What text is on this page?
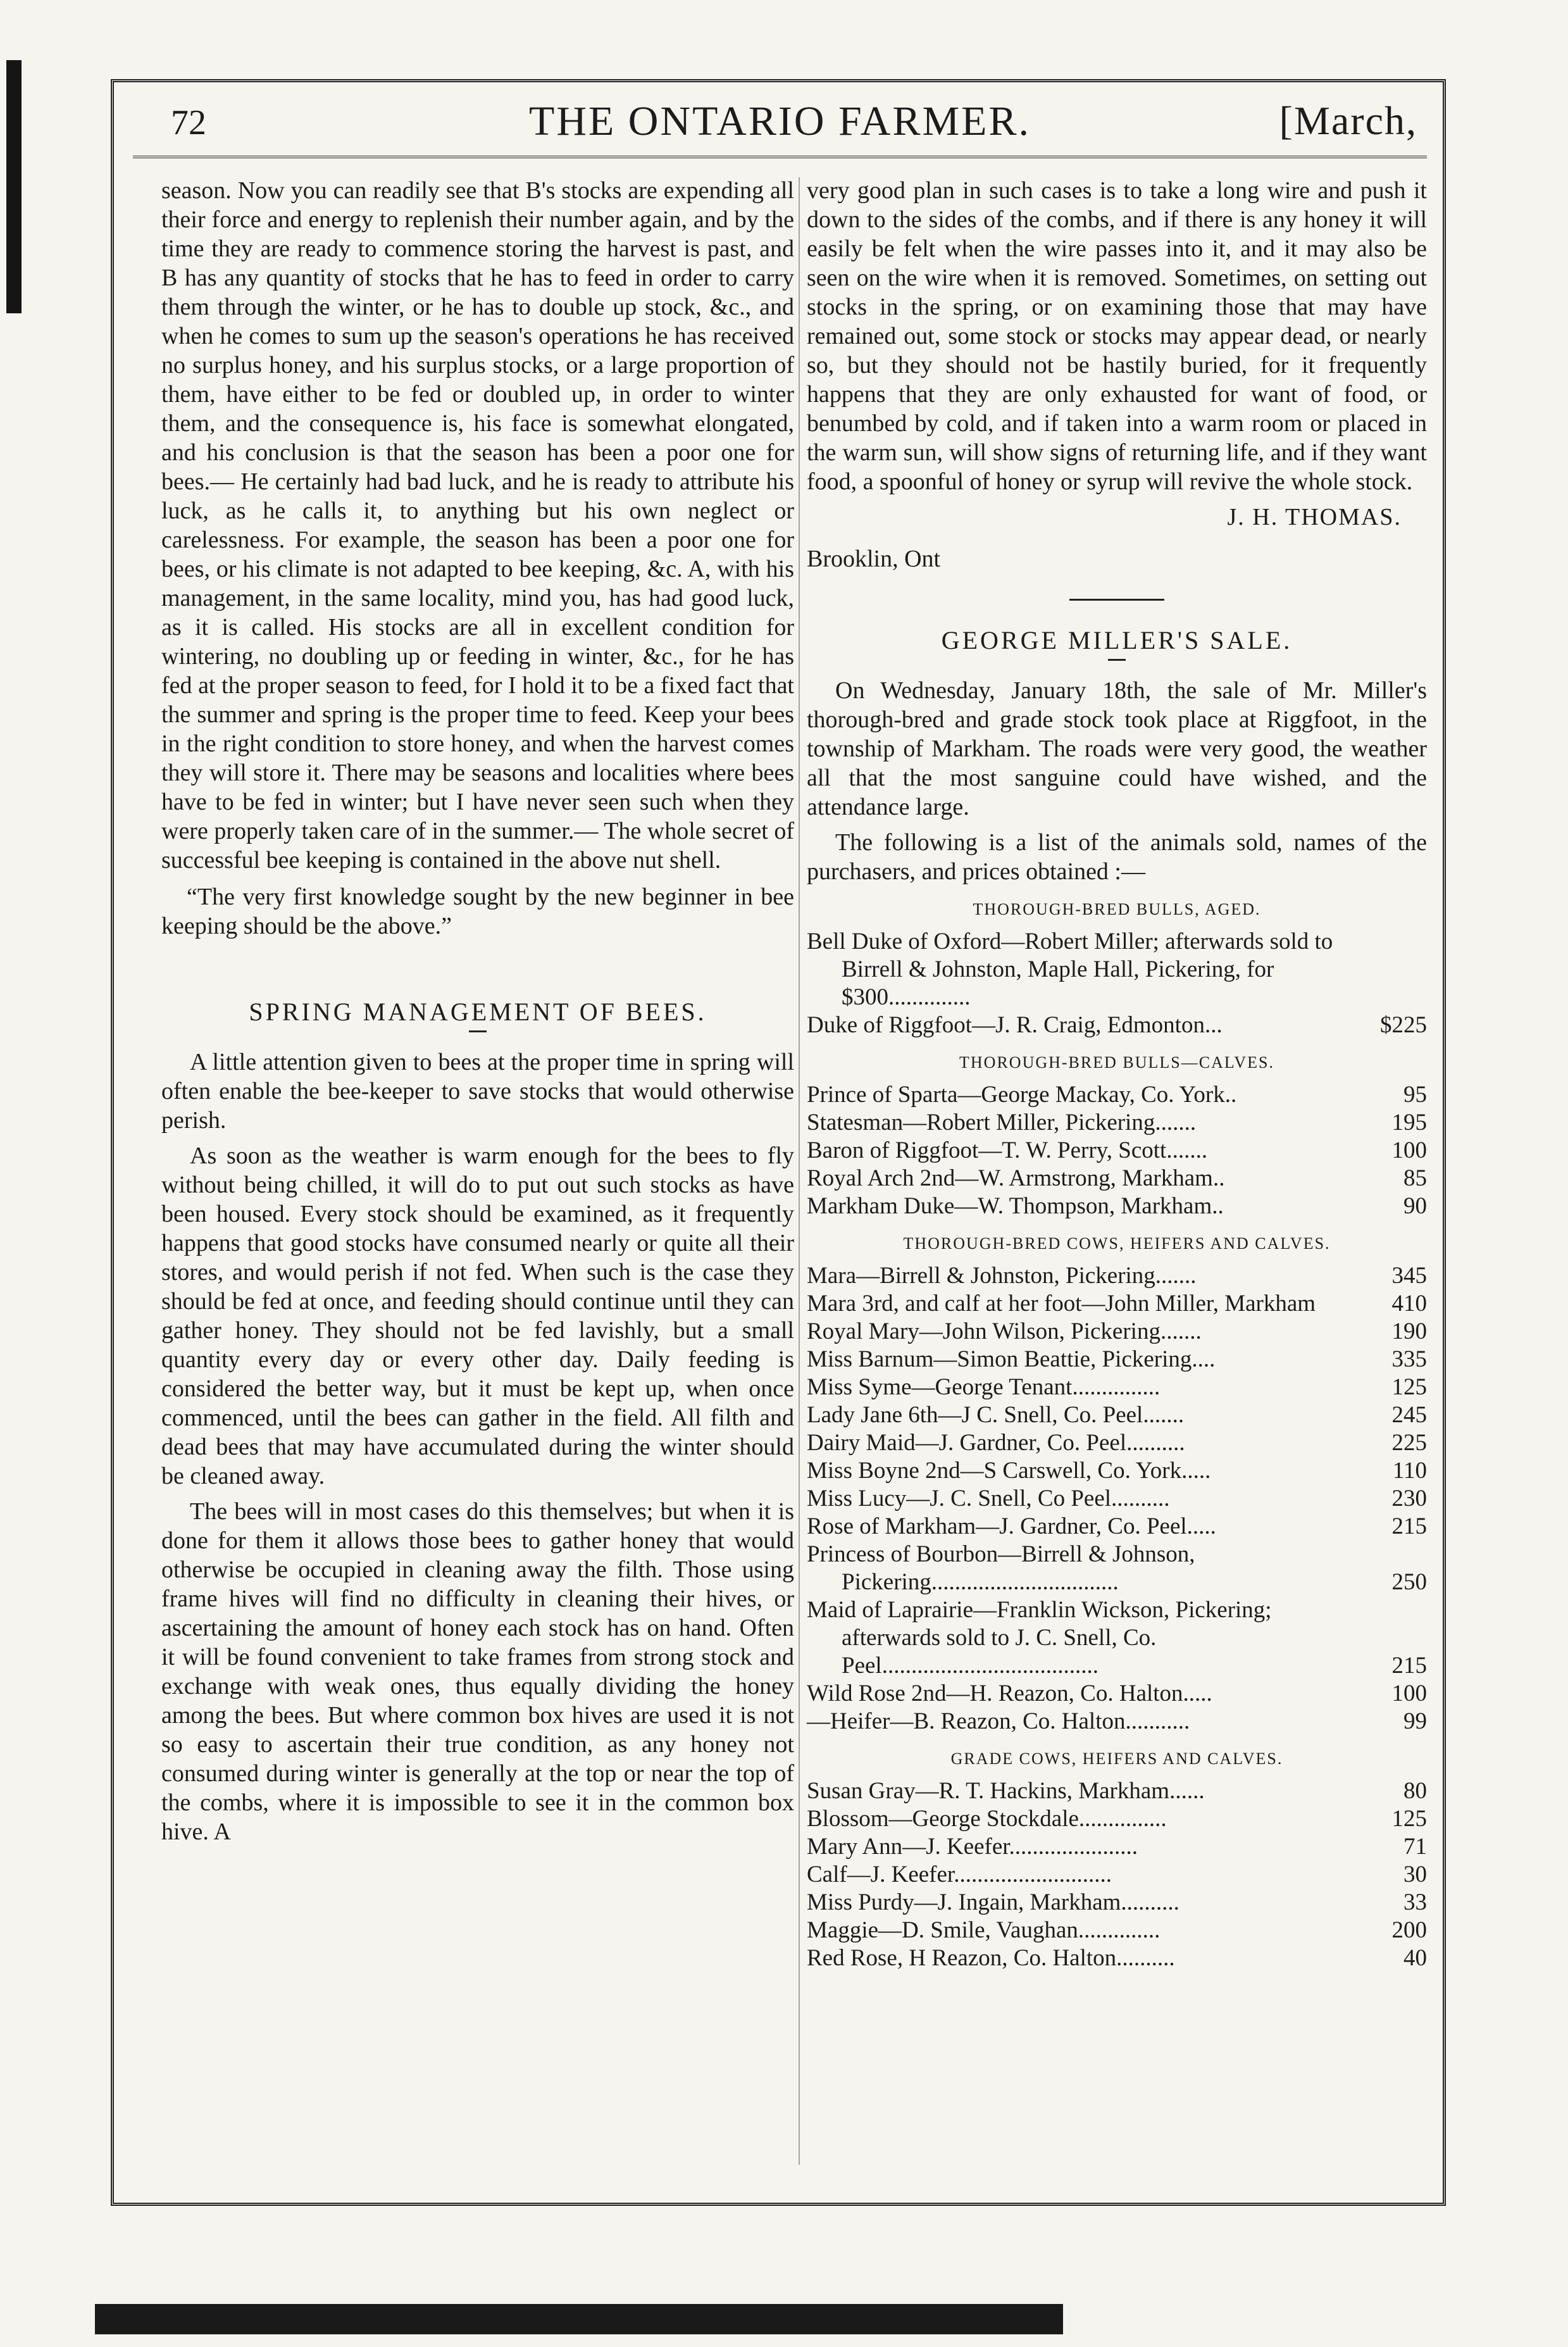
72	THE ONTARIO FARMER.	[March,

season. Now you can readily see that B's stocks are expending all their force and energy to replenish their number again, and by the time they are ready to commence storing the harvest is past, and B has any quantity of stocks that he has to feed in order to carry them through the winter, or he has to double up stock, &c., and when he comes to sum up the season's operations he has received no surplus honey, and his surplus stocks, or a large proportion of them, have either to be fed or doubled up, in order to winter them, and the consequence is, his face is somewhat elongated, and his conclusion is that the season has been a poor one for bees.— He certainly had bad luck, and he is ready to attribute his luck, as he calls it, to anything but his own neglect or carelessness. For example, the season has been a poor one for bees, or his climate is not adapted to bee keeping, &c. A, with his management, in the same locality, mind you, has had good luck, as it is called. His stocks are all in excellent condition for wintering, no doubling up or feeding in winter, &c., for he has fed at the proper season to feed, for I hold it to be a fixed fact that the summer and spring is the proper time to feed. Keep your bees in the right condition to store honey, and when the harvest comes they will store it. There may be seasons and localities where bees have to be fed in winter; but I have never seen such when they were properly taken care of in the summer.— The whole secret of successful bee keeping is contained in the above nut shell.

“The very first knowledge sought by the new beginner in bee keeping should be the above.”

SPRING MANAGEMENT OF BEES.

A little attention given to bees at the proper time in spring will often enable the bee-keeper to save stocks that would otherwise perish.

As soon as the weather is warm enough for the bees to fly without being chilled, it will do to put out such stocks as have been housed. Every stock should be examined, as it frequently happens that good stocks have consumed nearly or quite all their stores, and would perish if not fed. When such is the case they should be fed at once, and feeding should continue until they can gather honey. They should not be fed lavishly, but a small quantity every day or every other day. Daily feeding is considered the better way, but it must be kept up, when once commenced, until the bees can gather in the field. All filth and dead bees that may have accumulated during the winter should be cleaned away.

The bees will in most cases do this themselves; but when it is done for them it allows those bees to gather honey that would otherwise be occupied in cleaning away the filth. Those using frame hives will find no difficulty in cleaning their hives, or ascertaining the amount of honey each stock has on hand. Often it will be found convenient to take frames from strong stock and exchange with weak ones, thus equally dividing the honey among the bees. But where common box hives are used it is not so easy to ascertain their true condition, as any honey not consumed during winter is generally at the top or near the top of the combs, where it is impossible to see it in the common box hive. A

very good plan in such cases is to take a long wire and push it down to the sides of the combs, and if there is any honey it will easily be felt when the wire passes into it, and it may also be seen on the wire when it is removed. Sometimes, on setting out stocks in the spring, or on examining those that may have remained out, some stock or stocks may appear dead, or nearly so, but they should not be hastily buried, for it frequently happens that they are only exhausted for want of food, or benumbed by cold, and if taken into a warm room or placed in the warm sun, will show signs of returning life, and if they want food, a spoonful of honey or syrup will revive the whole stock.

J. H. THOMAS.

Brooklin, Ont

GEORGE MILLER'S SALE.

On Wednesday, January 18th, the sale of Mr. Miller's thorough-bred and grade stock took place at Riggfoot, in the township of Markham. The roads were very good, the weather all that the most sanguine could have wished, and the attendance large.

The following is a list of the animals sold, names of the purchasers, and prices obtained :—

THOROUGH-BRED BULLS, AGED.
Bell Duke of Oxford—Robert Miller; afterwards sold to Birrell & Johnston, Maple Hall, Pickering, for $300..............
Duke of Riggfoot—J. R. Craig, Edmonton...	$225
THOROUGH-BRED BULLS—CALVES.
Prince of Sparta—George Mackay, Co. York..	95
Statesman—Robert Miller, Pickering.......	195
Baron of Riggfoot—T. W. Perry, Scott.......	100
Royal Arch 2nd—W. Armstrong, Markham..	85
Markham Duke—W. Thompson, Markham..	90
THOROUGH-BRED COWS, HEIFERS AND CALVES.
Mara—Birrell & Johnston, Pickering.......	345
Mara 3rd, and calf at her foot—John Miller, Markham	410
Royal Mary—John Wilson, Pickering.......	190
Miss Barnum—Simon Beattie, Pickering....	335
Miss Syme—George Tenant...............	125
Lady Jane 6th—J C. Snell, Co. Peel.......	245
Dairy Maid—J. Gardner, Co. Peel..........	225
Miss Boyne 2nd—S Carswell, Co. York.....	110
Miss Lucy—J. C. Snell, Co Peel..........	230
Rose of Markham—J. Gardner, Co. Peel.....	215
Princess of Bourbon—Birrell & Johnson, Pickering................................	250
Maid of Laprairie—Franklin Wickson, Pickering; afterwards sold to J. C. Snell, Co. Peel.....................................	215
Wild Rose 2nd—H. Reazon, Co. Halton.....	100
—Heifer—B. Reazon, Co. Halton...........	99
GRADE COWS, HEIFERS AND CALVES.
Susan Gray—R. T. Hackins, Markham......	80
Blossom—George Stockdale...............	125
Mary Ann—J. Keefer......................	71
Calf—J. Keefer...........................	30
Miss Purdy—J. Ingain, Markham..........	33
Maggie—D. Smile, Vaughan..............	200
Red Rose, H Reazon, Co. Halton..........	40
